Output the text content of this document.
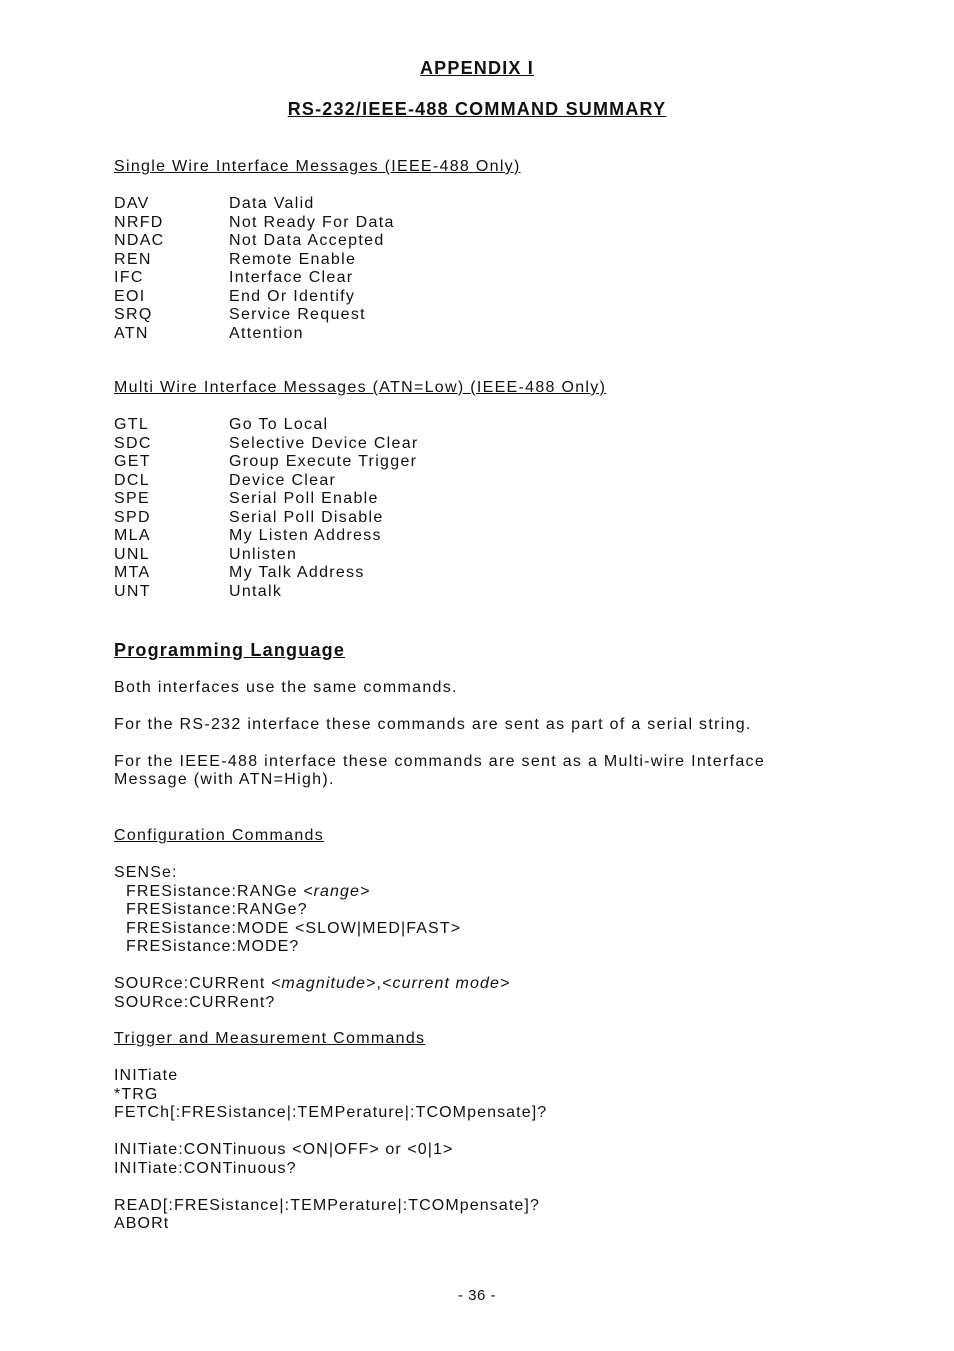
APPENDIX I
RS-232/IEEE-488 COMMAND SUMMARY

Single Wire Interface Messages (IEEE-488 Only)

DAV	Data Valid
NRFD	Not Ready For Data
NDAC	Not Data Accepted
REN	Remote Enable
IFC	Interface Clear
EOI	End Or Identify
SRQ	Service Request
ATN	Attention

Multi Wire Interface Messages (ATN=Low) (IEEE-488 Only)

GTL	Go To Local
SDC	Selective Device Clear
GET	Group Execute Trigger
DCL	Device Clear
SPE	Serial Poll Enable
SPD	Serial Poll Disable
MLA	My Listen Address
UNL	Unlisten
MTA	My Talk Address
UNT	Untalk
Programming Language

Both interfaces use the same commands.

For the RS-232 interface these commands are sent as part of a serial string.

For the IEEE-488 interface these commands are sent as a Multi-wire Interface

Message (with ATN=High).

Configuration Commands

SENSe:
FRESistance:RANGe <range>
FRESistance:RANGe?
FRESistance:MODE <SLOW|MED|FAST>
FRESistance:MODE?
SOURce:CURRent <magnitude>,<current mode>
SOURce:CURRent?

Trigger and Measurement Commands

INITiate
*TRG
FETCh[:FRESistance|:TEMPerature|:TCOMpensate]?
INITiate:CONTinuous <ON|OFF> or <0|1>
INITiate:CONTinuous?
READ[:FRESistance|:TEMPerature|:TCOMpensate]?
ABORt
- 36 -
